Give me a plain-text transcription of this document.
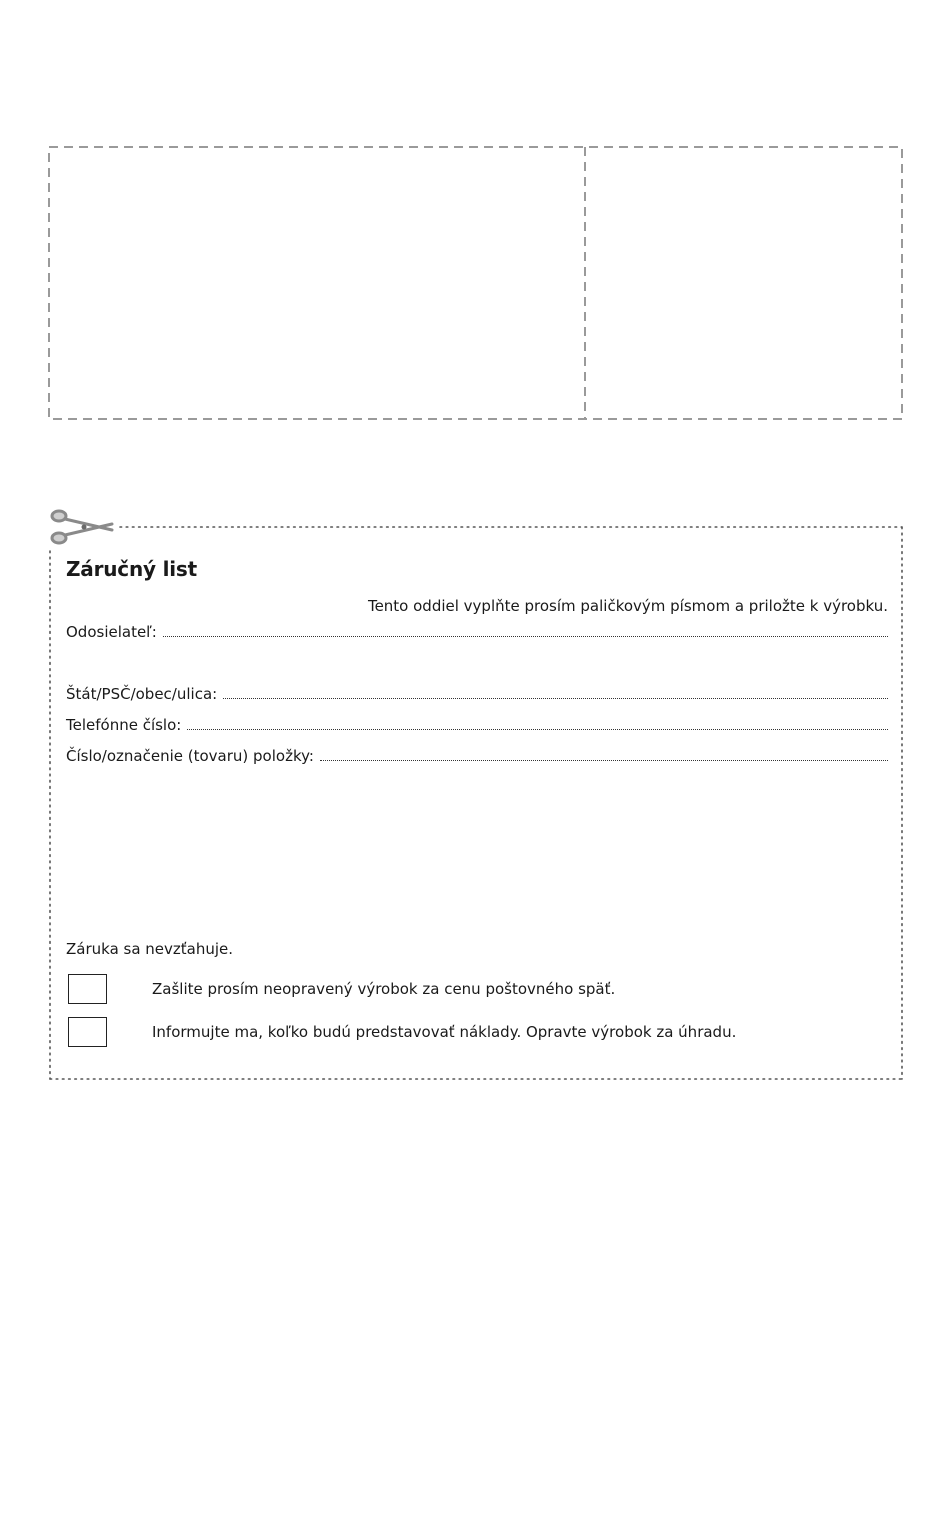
Záručný list
Tento oddiel vyplňte prosím paličkovým písmom a priložte k výrobku.
Odosielateľ:
Štát/PSČ/obec/ulica:
Telefónne číslo:
Číslo/označenie (tovaru) položky:
Záruka sa nevzťahuje.
Zašlite prosím neopravený výrobok za cenu poštovného späť.
Informujte ma, koľko budú predstavovať náklady. Opravte výrobok za úhradu.
